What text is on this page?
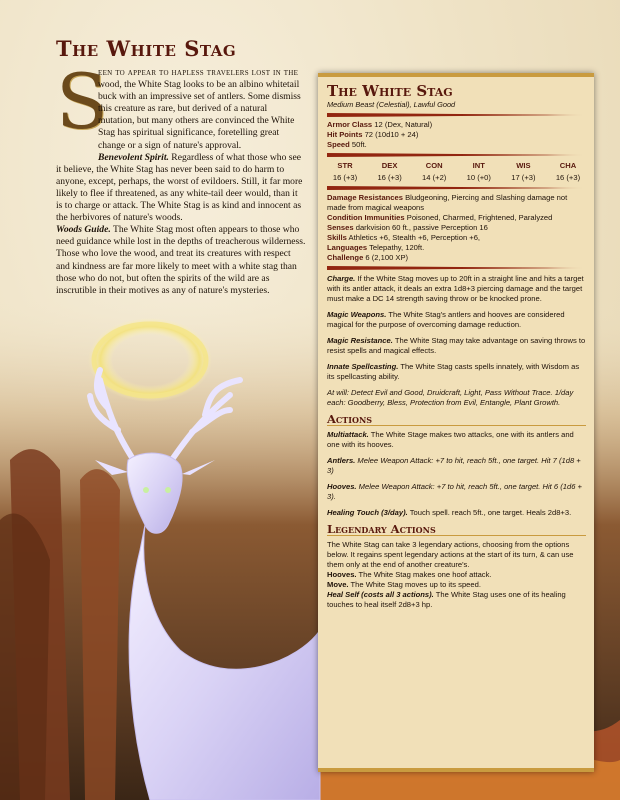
The White Stag

S
een to appear to hapless travelers lost in the wood, the White Stag looks to be an albino whitetail buck with an impressive set of antlers. Some dismiss this creature as rare, but derived of a natural mutation, but many others are convinced the White Stag has spiritual significance, foretelling great change or a sign of nature's approval.

Benevolent Spirit. Regardless of what those who see it believe, the White Stag has never been said to do harm to anyone, except, perhaps, the worst of evildoers. Still, it far more likely to flee if threatened, as any white-tail deer would, than it is to charge or attack. The White Stag is as kind and innocent as the herbivores of nature's woods.

Woods Guide. The White Stag most often appears to those who need guidance while lost in the depths of treacherous wilderness. Those who love the wood, and treat its creatures with respect and kindness are far more likely to meet with a white stag than those who do not, but often the spirits of the wild are as inscrutible in their motives as any of nature's mysteries.

The White Stag
Medium Beast (Celestial), Lawful Good
Armor Class 12 (Dex, Natural)
Hit Points 72 (10d10 + 24)
Speed 50ft.
STR
16 (+3)
DEX
16 (+3)
CON
14 (+2)
INT
10 (+0)
WIS
17 (+3)
CHA
16 (+3)
Damage Resistances Bludgeoning, Piercing and Slashing damage not made from magical weapons
Condition Immunities Poisoned, Charmed, Frightened, Paralyzed
Senses darkvision 60 ft., passive Perception 16
Skills Athletics +6, Stealth +6, Perception +6,
Languages Telepathy, 120ft.
Challenge 6 (2,100 XP)
Charge. If the White Stag moves up to 20ft in a straight line and hits a target with its antler attack, it deals an extra 1d8+3 piercing damage and the target must make a DC 14 strength saving throw or be knocked prone.
Magic Weapons. The White Stag's antlers and hooves are considered magical for the purpose of overcoming damage reduction.
Magic Resistance. The White Stag may take advantage on saving throws to resist spells and magical effects.
Innate Spellcasting. The White Stag casts spells innately, with Wisdom as its spellcasting ability.
At will: Detect Evil and Good, Druidcraft, Light, Pass Without Trace. 1/day each: Goodberry, Bless, Protection from Evil, Entangle, Plant Growth.
Actions
Multiattack. The White Stage makes two attacks, one with its antlers and one with its hooves.
Antlers. Melee Weapon Attack: +7 to hit, reach 5ft., one target. Hit 7 (1d8 + 3)
Hooves. Melee Weapon Attack: +7 to hit, reach 5ft., one target. Hit 6 (1d6 + 3).
Healing Touch (3/day). Touch spell. reach 5ft., one target. Heals 2d8+3.
Legendary Actions
The White Stag can take 3 legendary actions, choosing from the options below. It regains spent legendary actions at the start of its turn, & can use them only at the end of another creature's.
Hooves. The White Stag makes one hoof attack.
Move. The White Stag moves up to its speed.
Heal Self (costs all 3 actions). The White Stag uses one of its healing touches to heal itself 2d8+3 hp.
